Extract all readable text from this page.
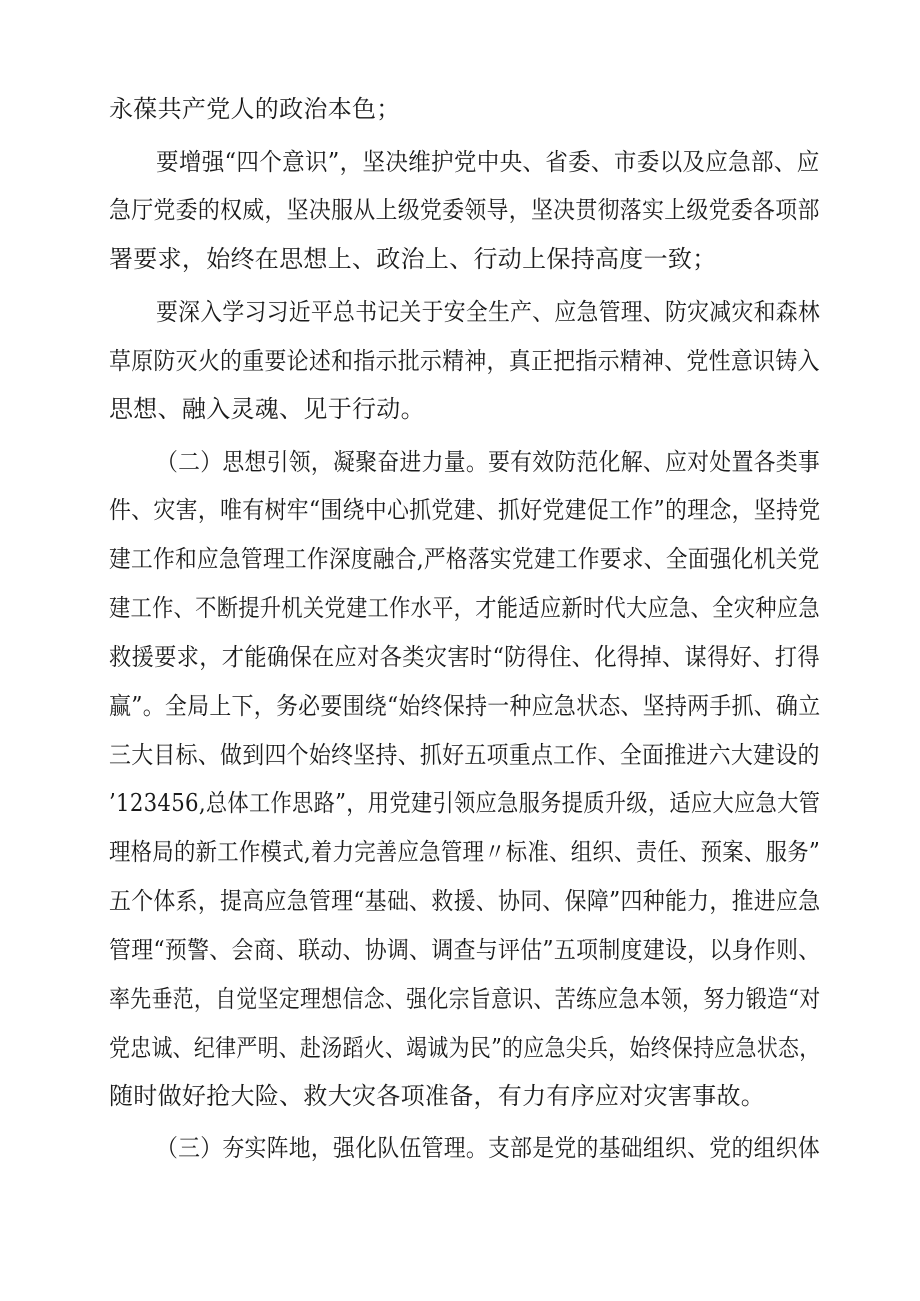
永葆共产党人的政治本色；
要增强“四个意识”，坚决维护党中央、省委、市委以及应急部、应
急厅党委的权威，坚决服从上级党委领导，坚决贯彻落实上级党委各项部
署要求，始终在思想上、政治上、行动上保持高度一致；
要深入学习习近平总书记关于安全生产、应急管理、防灾减灾和森林
草原防灭火的重要论述和指示批示精神，真正把指示精神、党性意识铸入
思想、融入灵魂、见于行动。
（二）思想引领，凝聚奋进力量。要有效防范化解、应对处置各类事
件、灾害，唯有树牢“围绕中心抓党建、抓好党建促工作”的理念，坚持党
建工作和应急管理工作深度融合,严格落实党建工作要求、全面强化机关党
建工作、不断提升机关党建工作水平，才能适应新时代大应急、全灾种应急
救援要求，才能确保在应对各类灾害时“防得住、化得掉、谋得好、打得
赢”。全局上下，务必要围绕“始终保持一种应急状态、坚持两手抓、确立
三大目标、做到四个始终坚持、抓好五项重点工作、全面推进六大建设的
’123456,总体工作思路”，用党建引领应急服务提质升级，适应大应急大管
理格局的新工作模式,着力完善应急管理〃标准、组织、责任、预案、服务”
五个体系，提高应急管理“基础、救援、协同、保障”四种能力，推进应急
管理“预警、会商、联动、协调、调查与评估”五项制度建设，以身作则、
率先垂范，自觉坚定理想信念、强化宗旨意识、苦练应急本领，努力锻造“对
党忠诚、纪律严明、赴汤蹈火、竭诚为民”的应急尖兵，始终保持应急状态，
随时做好抢大险、救大灾各项准备，有力有序应对灾害事故。
（三）夯实阵地，强化队伍管理。支部是党的基础组织、党的组织体
